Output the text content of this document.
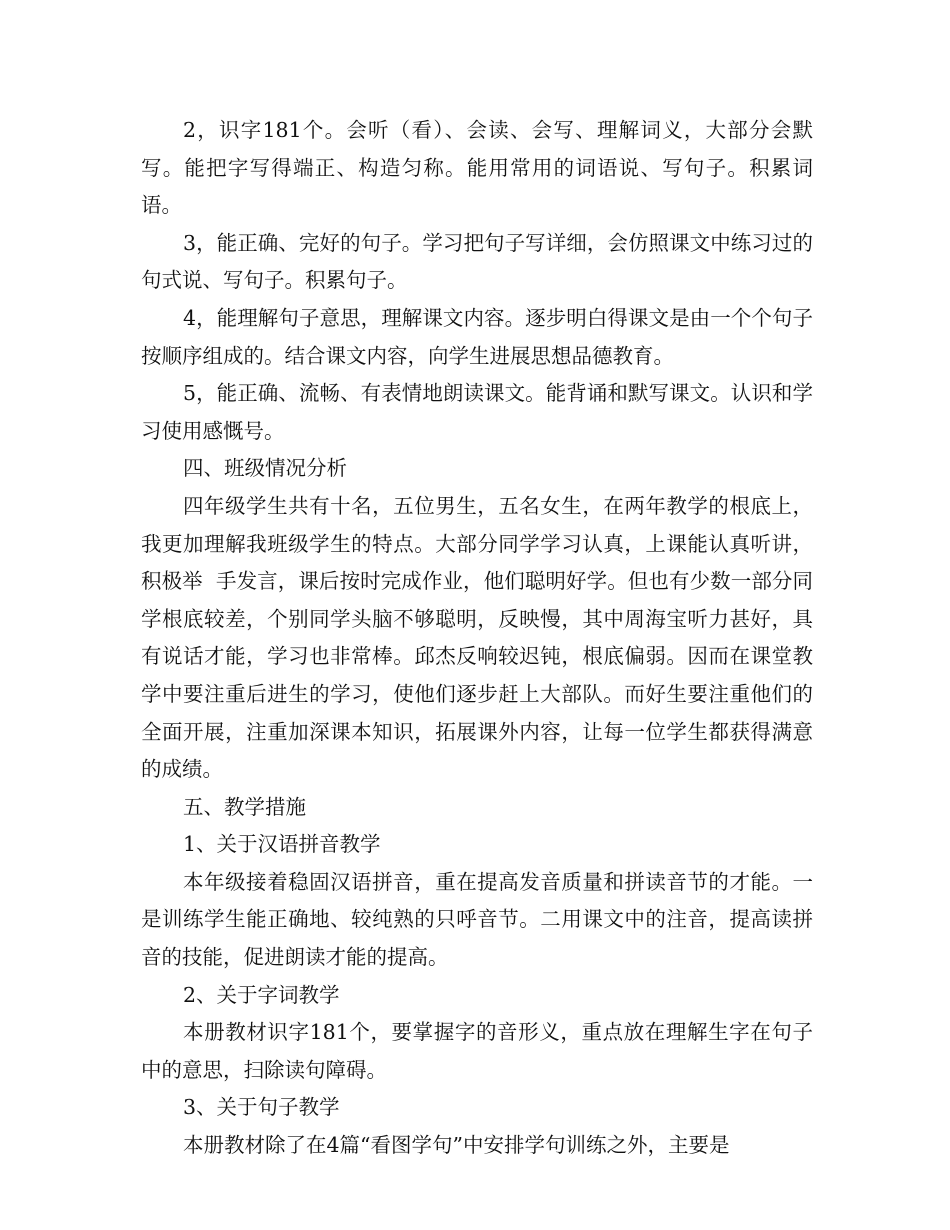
2，识字181个。会听（看）、会读、会写、理解词义，大部分会默写。能把字写得端正、构造匀称。能用常用的词语说、写句子。积累词语。

3，能正确、完好的句子。学习把句子写详细，会仿照课文中练习过的句式说、写句子。积累句子。

4，能理解句子意思，理解课文内容。逐步明白得课文是由一个个句子按顺序组成的。结合课文内容，向学生进展思想品德教育。

5，能正确、流畅、有表情地朗读课文。能背诵和默写课文。认识和学习使用感慨号。

四、班级情况分析

四年级学生共有十名，五位男生，五名女生，在两年教学的根底上，我更加理解我班级学生的特点。大部分同学学习认真，上课能认真听讲，积极举  手发言，课后按时完成作业，他们聪明好学。但也有少数一部分同学根底较差，个别同学头脑不够聪明，反映慢，其中周海宝听力甚好，具有说话才能，学习也非常棒。邱杰反响较迟钝，根底偏弱。因而在课堂教学中要注重后进生的学习，使他们逐步赶上大部队。而好生要注重他们的全面开展，注重加深课本知识，拓展课外内容，让每一位学生都获得满意的成绩。

五、教学措施

1、关于汉语拼音教学

本年级接着稳固汉语拼音，重在提高发音质量和拼读音节的才能。一是训练学生能正确地、较纯熟的只呼音节。二用课文中的注音，提高读拼音的技能，促进朗读才能的提高。

2、关于字词教学

本册教材识字181个，要掌握字的音形义，重点放在理解生字在句子中的意思，扫除读句障碍。

3、关于句子教学

本册教材除了在4篇“看图学句”中安排学句训练之外，主要是
